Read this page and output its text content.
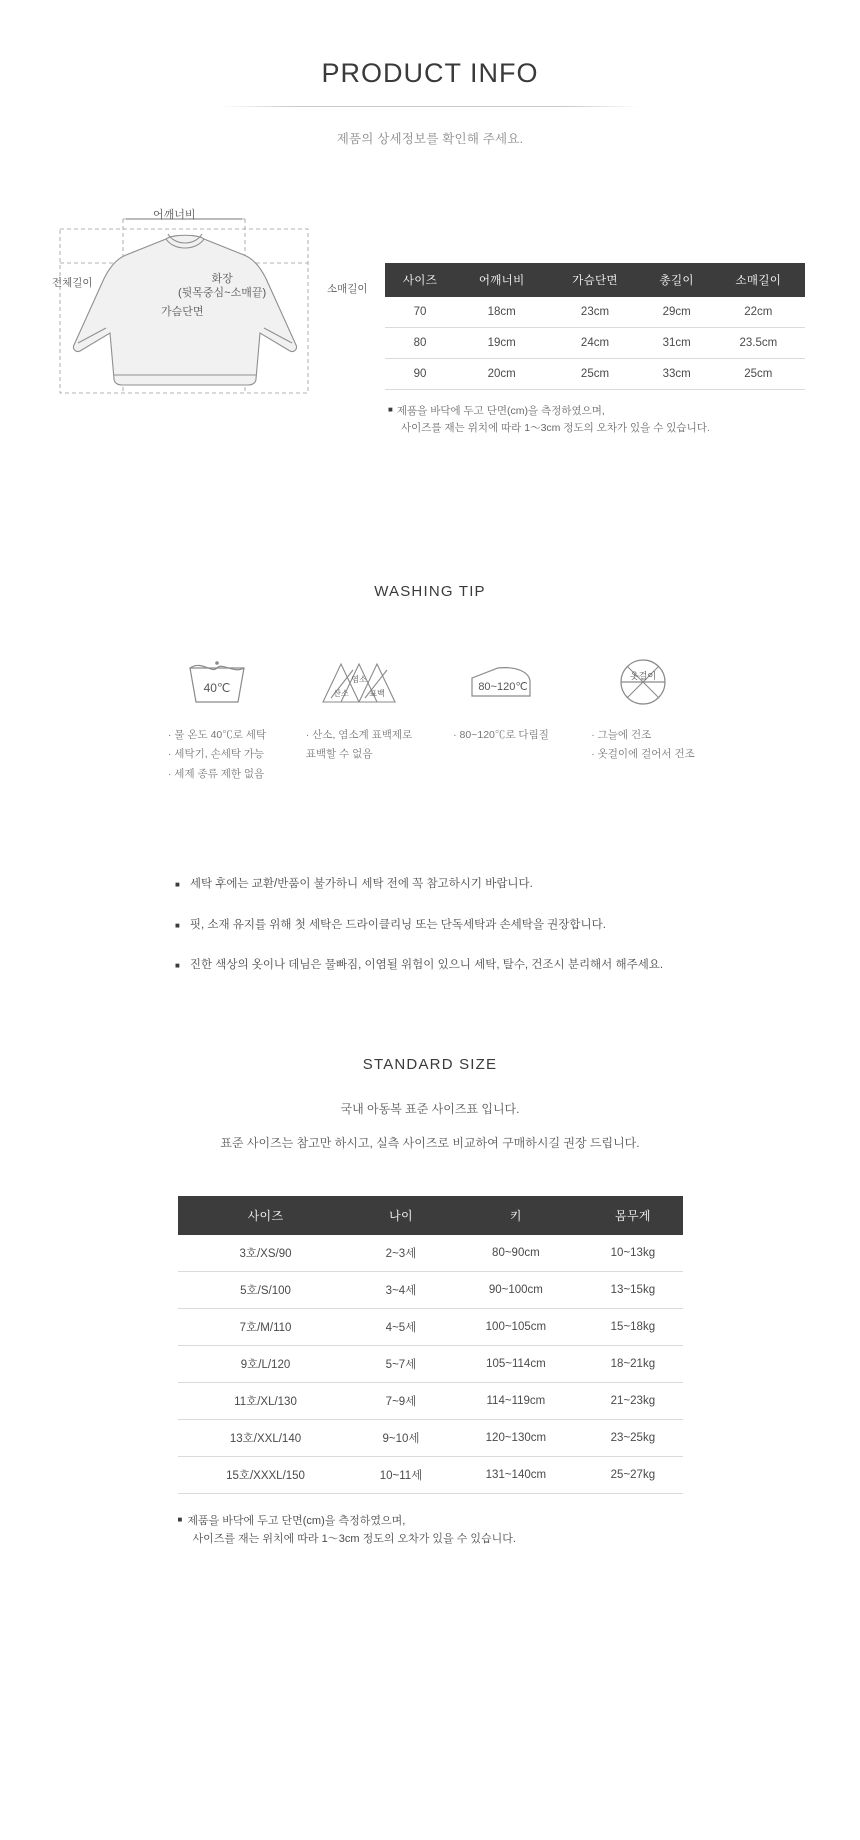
PRODUCT INFO
제품의 상세정보를 확인해 주세요.
어깨너비
화장
(뒷목중심~소매끝)
가슴단면
전체길이	소매길이
사이즈	어깨너비	가슴단면	총길이	소매길이
70	18cm	23cm	29cm	22cm
80	19cm	24cm	31cm	23.5cm
90	20cm	25cm	33cm	25cm
■ 제품을 바닥에 두고 단면(cm)을 측정하였으며,
사이즈를 재는 위치에 따라 1〜3cm 정도의 오차가 있을 수 있습니다.
WASHING TIP
40℃
· 물 온도 40℃로 세탁
· 세탁기, 손세탁 가능
· 세제 종류 제한 없음
염소
산소	표백
· 산소, 염소계 표백제로
표백할 수 없음
80~120℃
· 80~120℃로 다림질
옷걸이
· 그늘에 건조
· 옷걸이에 걸어서 건조
■ 세탁 후에는 교환/반품이 불가하니 세탁 전에 꼭 참고하시기 바랍니다.
■ 핏, 소재 유지를 위해 첫 세탁은 드라이클리닝 또는 단독세탁과 손세탁을 권장합니다.
■ 진한 색상의 옷이나 데님은 물빠짐, 이염될 위험이 있으니 세탁, 탈수, 건조시 분리해서 해주세요.
STANDARD SIZE
국내 아동복 표준 사이즈표 입니다.
표준 사이즈는 참고만 하시고, 실측 사이즈로 비교하여 구매하시길 권장 드립니다.
사이즈	나이	키	몸무게
3호/XS/90	2~3세	80~90cm	10~13kg
5호/S/100	3~4세	90~100cm	13~15kg
7호/M/110	4~5세	100~105cm	15~18kg
9호/L/120	5~7세	105~114cm	18~21kg
11호/XL/130	7~9세	114~119cm	21~23kg
13호/XXL/140	9~10세	120~130cm	23~25kg
15호/XXXL/150	10~11세	131~140cm	25~27kg
■ 제품을 바닥에 두고 단면(cm)을 측정하였으며,
사이즈를 재는 위치에 따라 1〜3cm 정도의 오차가 있을 수 있습니다.
